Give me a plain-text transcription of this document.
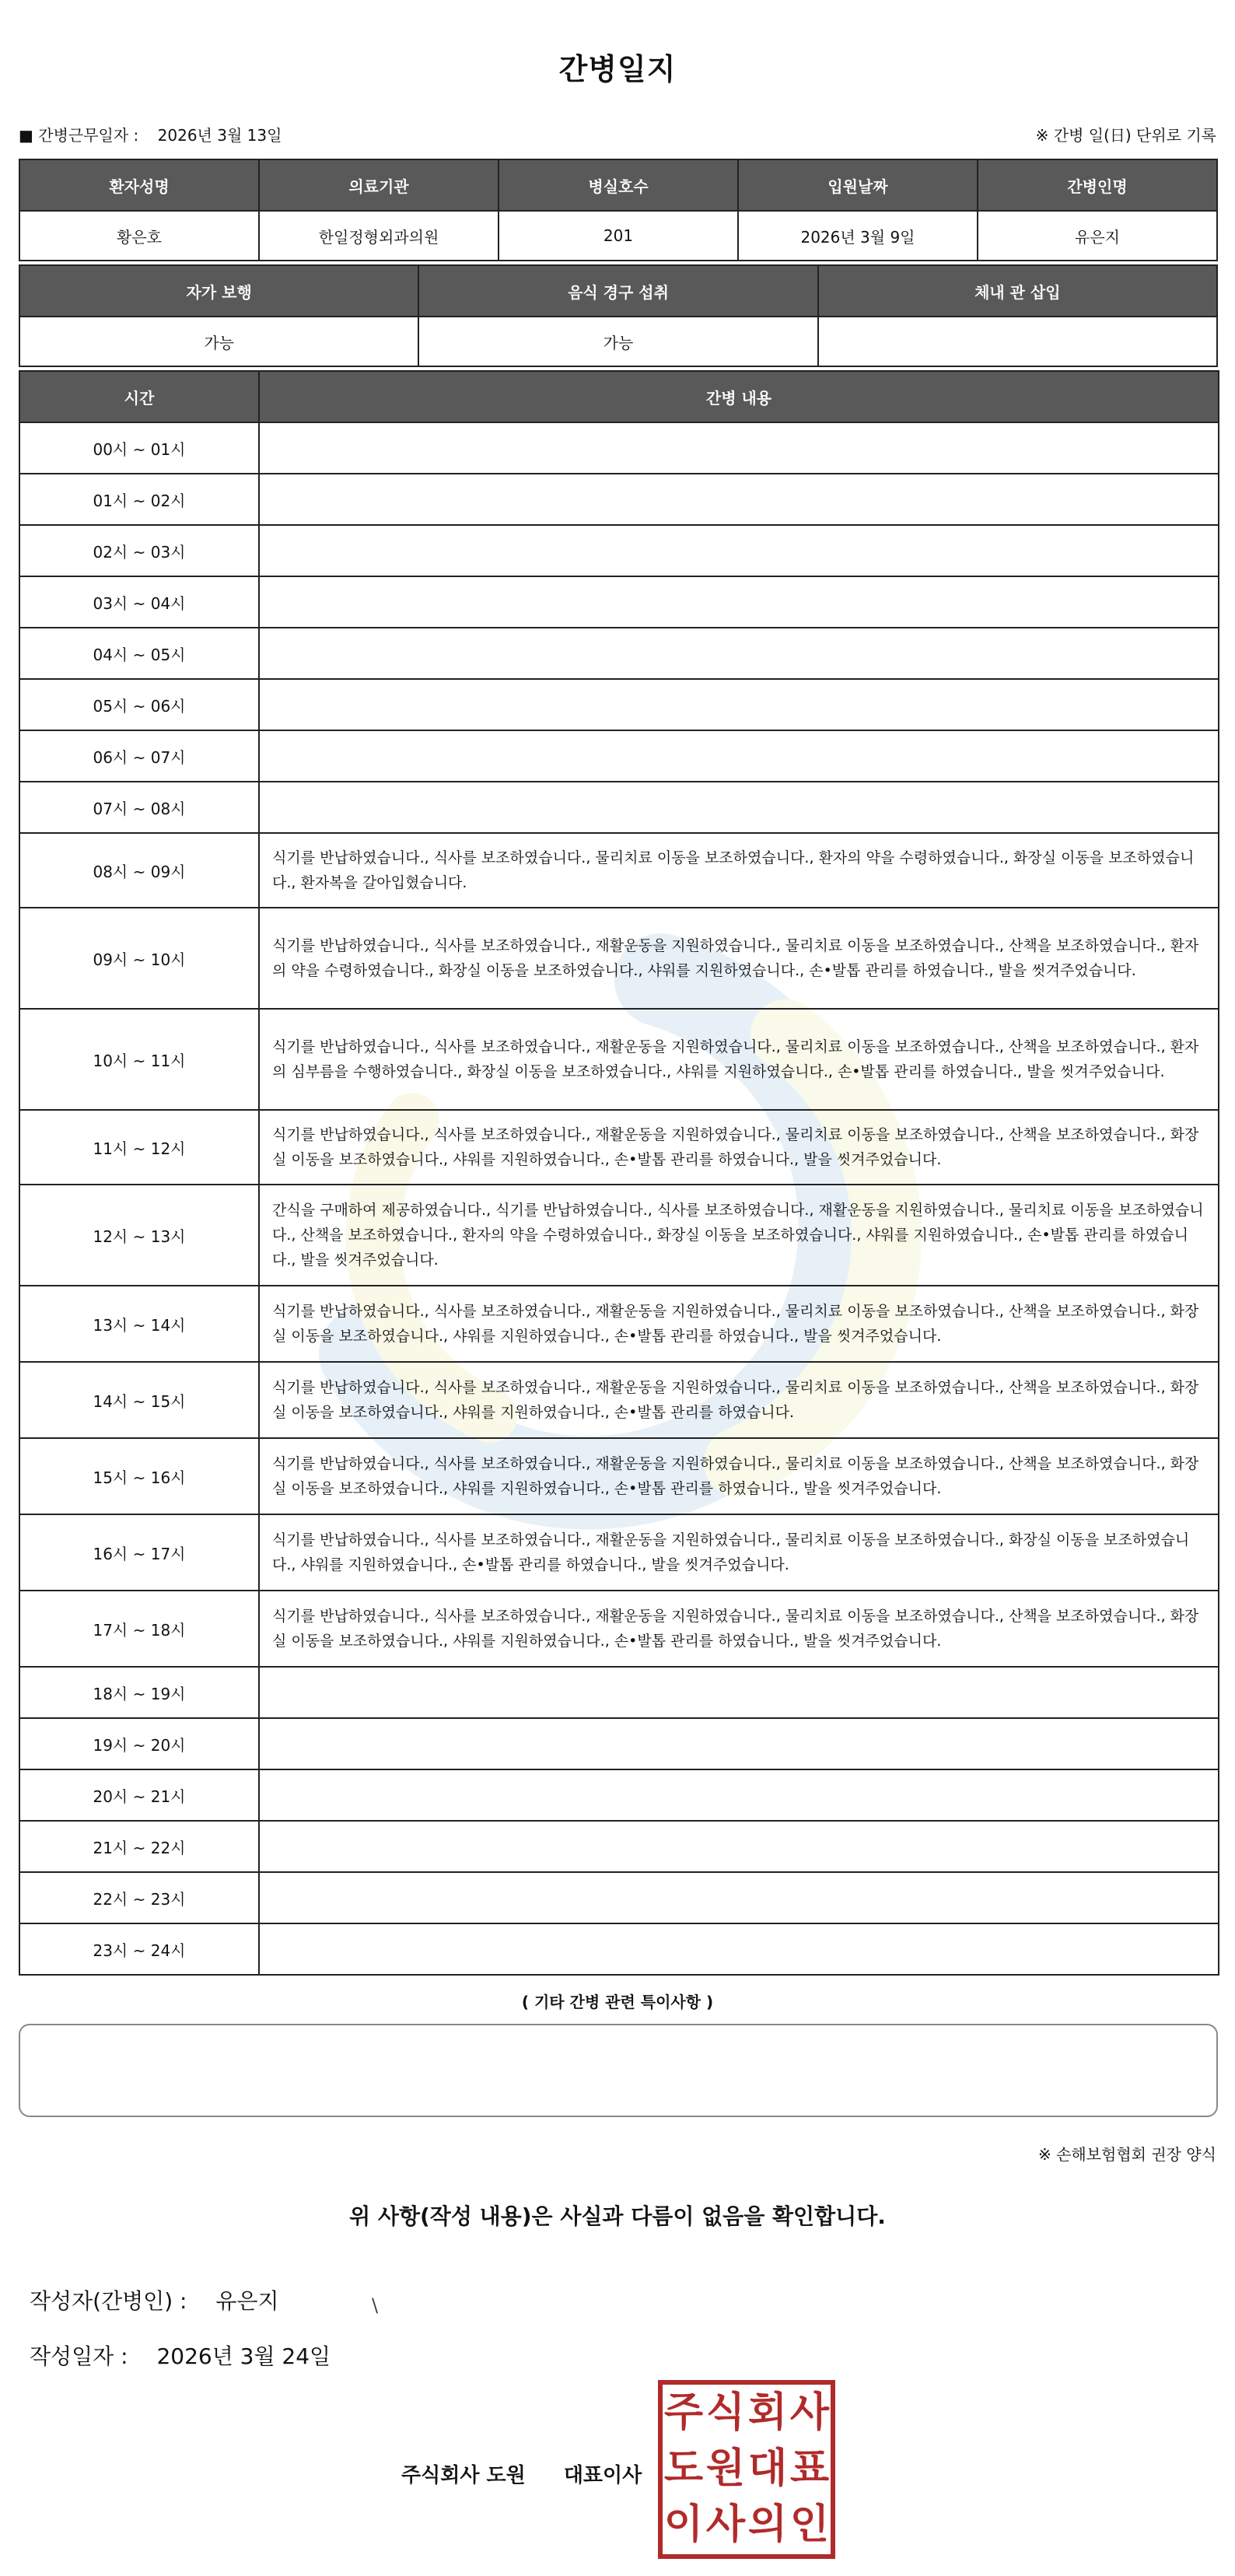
간병일지
■ 간병근무일자 : 2026년 3월 13일	※ 간병 일(日) 단위로 기록
환자성명	의료기관	병실호수	입원날짜	간병인명
황은호	한일정형외과의원	201	2026년 3월 9일	유은지
자가 보행	음식 경구 섭취	체내 관 삽입
가능	가능	
시간	간병 내용
00시 ~ 01시	
01시 ~ 02시	
02시 ~ 03시	
03시 ~ 04시	
04시 ~ 05시	
05시 ~ 06시	
06시 ~ 07시	
07시 ~ 08시	
08시 ~ 09시	식기를 반납하였습니다., 식사를 보조하였습니다., 물리치료 이동을 보조하였습니다., 환자의 약을 수령하였습니다., 화장실 이동을 보조하였습니다., 환자복을 갈아입혔습니다.
09시 ~ 10시	식기를 반납하였습니다., 식사를 보조하였습니다., 재활운동을 지원하였습니다., 물리치료 이동을 보조하였습니다., 산책을 보조하였습니다., 환자의 약을 수령하였습니다., 화장실 이동을 보조하였습니다., 샤워를 지원하였습니다., 손•발톱 관리를 하였습니다., 발을 씻겨주었습니다.
10시 ~ 11시	식기를 반납하였습니다., 식사를 보조하였습니다., 재활운동을 지원하였습니다., 물리치료 이동을 보조하였습니다., 산책을 보조하였습니다., 환자의 심부름을 수행하였습니다., 화장실 이동을 보조하였습니다., 샤워를 지원하였습니다., 손•발톱 관리를 하였습니다., 발을 씻겨주었습니다.
11시 ~ 12시	식기를 반납하였습니다., 식사를 보조하였습니다., 재활운동을 지원하였습니다., 물리치료 이동을 보조하였습니다., 산책을 보조하였습니다., 화장실 이동을 보조하였습니다., 샤워를 지원하였습니다., 손•발톱 관리를 하였습니다., 발을 씻겨주었습니다.
12시 ~ 13시	간식을 구매하여 제공하였습니다., 식기를 반납하였습니다., 식사를 보조하였습니다., 재활운동을 지원하였습니다., 물리치료 이동을 보조하였습니다., 산책을 보조하였습니다., 환자의 약을 수령하였습니다., 화장실 이동을 보조하였습니다., 샤워를 지원하였습니다., 손•발톱 관리를 하였습니다., 발을 씻겨주었습니다.
13시 ~ 14시	식기를 반납하였습니다., 식사를 보조하였습니다., 재활운동을 지원하였습니다., 물리치료 이동을 보조하였습니다., 산책을 보조하였습니다., 화장실 이동을 보조하였습니다., 샤워를 지원하였습니다., 손•발톱 관리를 하였습니다., 발을 씻겨주었습니다.
14시 ~ 15시	식기를 반납하였습니다., 식사를 보조하였습니다., 재활운동을 지원하였습니다., 물리치료 이동을 보조하였습니다., 산책을 보조하였습니다., 화장실 이동을 보조하였습니다., 샤워를 지원하였습니다., 손•발톱 관리를 하였습니다.
15시 ~ 16시	식기를 반납하였습니다., 식사를 보조하였습니다., 재활운동을 지원하였습니다., 물리치료 이동을 보조하였습니다., 산책을 보조하였습니다., 화장실 이동을 보조하였습니다., 샤워를 지원하였습니다., 손•발톱 관리를 하였습니다., 발을 씻겨주었습니다.
16시 ~ 17시	식기를 반납하였습니다., 식사를 보조하였습니다., 재활운동을 지원하였습니다., 물리치료 이동을 보조하였습니다., 화장실 이동을 보조하였습니다., 샤워를 지원하였습니다., 손•발톱 관리를 하였습니다., 발을 씻겨주었습니다.
17시 ~ 18시	식기를 반납하였습니다., 식사를 보조하였습니다., 재활운동을 지원하였습니다., 물리치료 이동을 보조하였습니다., 산책을 보조하였습니다., 화장실 이동을 보조하였습니다., 샤워를 지원하였습니다., 손•발톱 관리를 하였습니다., 발을 씻겨주었습니다.
18시 ~ 19시	
19시 ~ 20시	
20시 ~ 21시	
21시 ~ 22시	
22시 ~ 23시	
23시 ~ 24시	
( 기타 간병 관련 특이사항 )
※ 손해보험협회 권장 양식
위 사항(작성 내용)은 사실과 다름이 없음을 확인합니다.
작성자(간병인) : 유은지	\
작성일자 : 2026년 3월 24일
주식회사 도원 대표이사
주 식 회 사
도 원 대 표
이 사 의 인
